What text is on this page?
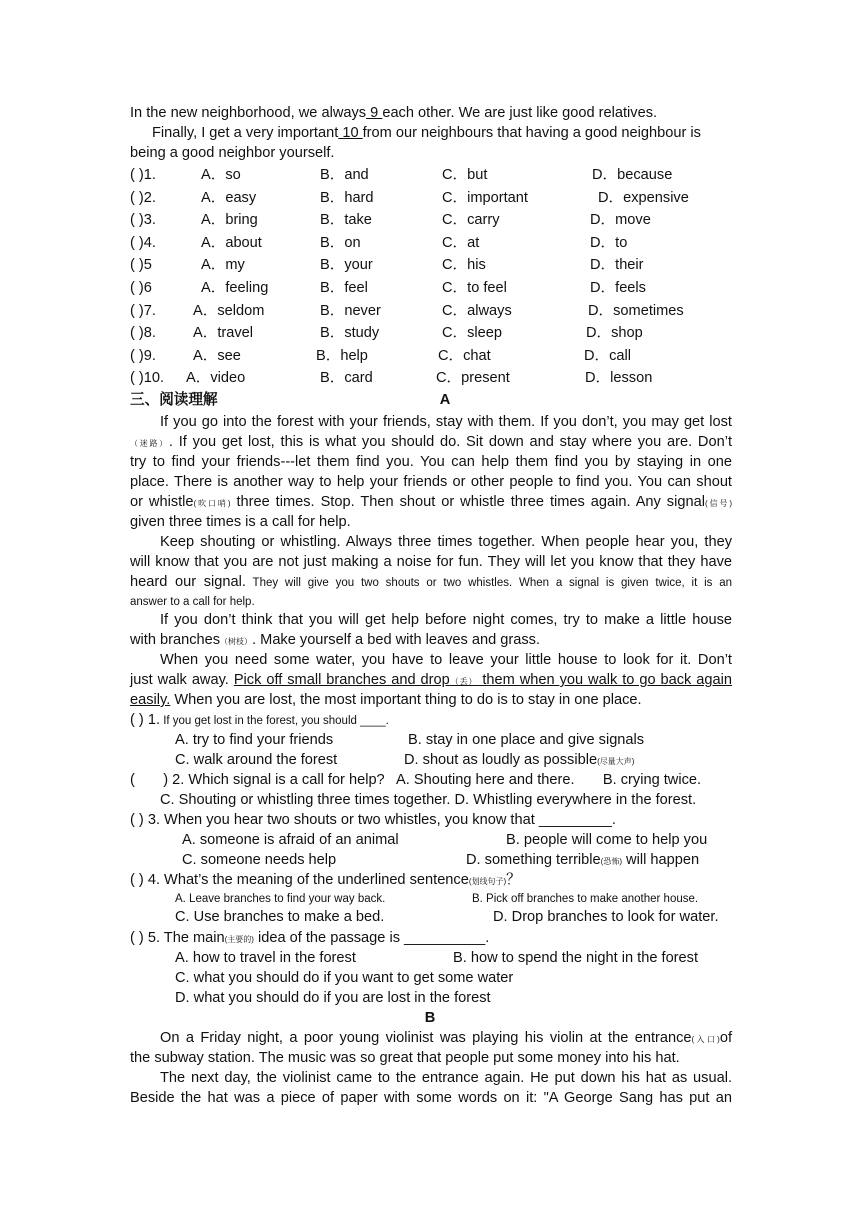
In the new neighborhood, we always 9 each other. We are just like good relatives.
Finally, I get a very important 10 from our neighbours that having a good neighbour is
being a good neighbor yourself.
( )1.	A．so	B．and	C．but	D．because
( )2.	A．easy	B．hard	C．important	D．expensive
( )3.	A．bring	B．take	C．carry	D．move
( )4.	A．about	B．on	C．at	D．to
( )5	A．my	B．your	C．his	D．their
( )6	A．feeling	B．feel	C．to feel	D．feels
( )7.	A．seldom	B．never	C．always	D．sometimes
( )8.	A．travel	B．study	C．sleep	D．shop
( )9.	A．see	B．help	C．chat	D．call
( )10. A．video	B．card	C．present	D．lesson
三、阅读理解	A
If you go into the forest with your friends, stay with them. If you don’t, you may get lost
（迷路）. If you get lost, this is what you should do. Sit down and stay where you are. Don’t
try to find your friends---let them find you. You can help them find you by staying in one
place. There is another way to help your friends or other people to find you. You can shout
or whistle(吹口哨) three times. Stop. Then shout or whistle three times again. Any signal(信号)
given three times is a call for help.
Keep shouting or whistling. Always three times together. When people hear you, they
will know that you are not just making a noise for fun. They will let you know that they have
heard our signal. They will give you two shouts or two whistles. When a signal is given twice, it is an
answer to a call for help.
If you don’t think that you will get help before night comes, try to make a little house
with branches（树枝）. Make yourself a bed with leaves and grass.
When you need some water, you have to leave your little house to look for it. Don’t
just walk away. Pick off small branches and drop（丢） them when you walk to go back again
easily. When you are lost, the most important thing to do is to stay in one place.
( ) 1. If you get lost in the forest, you should ____.
A. try to find your friends	B. stay in one place and give signals
C. walk around the forest	D. shout as loudly as possible(尽量大声)
(       ) 2. Which signal is a call for help?   A. Shouting here and there.       B. crying twice.
C. Shouting or whistling three times together. D. Whistling everywhere in the forest.
( ) 3. When you hear two shouts or two whistles, you know that _________.
A. someone is afraid of an animal	B. people will come to help you
C. someone needs help	D. something terrible(恐怖) will happen
( ) 4. What’s the meaning of the underlined sentence(划线句子)？
A. Leave branches to find your way back.	B. Pick off branches to make another house.
C. Use branches to make a bed.	D. Drop branches to look for water.
( ) 5. The main(主要的) idea of the passage is __________.
A. how to travel in the forest	B. how to spend the night in the forest
C. what you should do if you want to get some water
D. what you should do if you are lost in the forest
B
On a Friday night, a poor young violinist was playing his violin at the entrance(入口)of
the subway station. The music was so great that people put some money into his hat.
The next day, the violinist came to the entrance again. He put down his hat as usual.
Beside the hat was a piece of paper with some words on it: "A George Sang has put an
